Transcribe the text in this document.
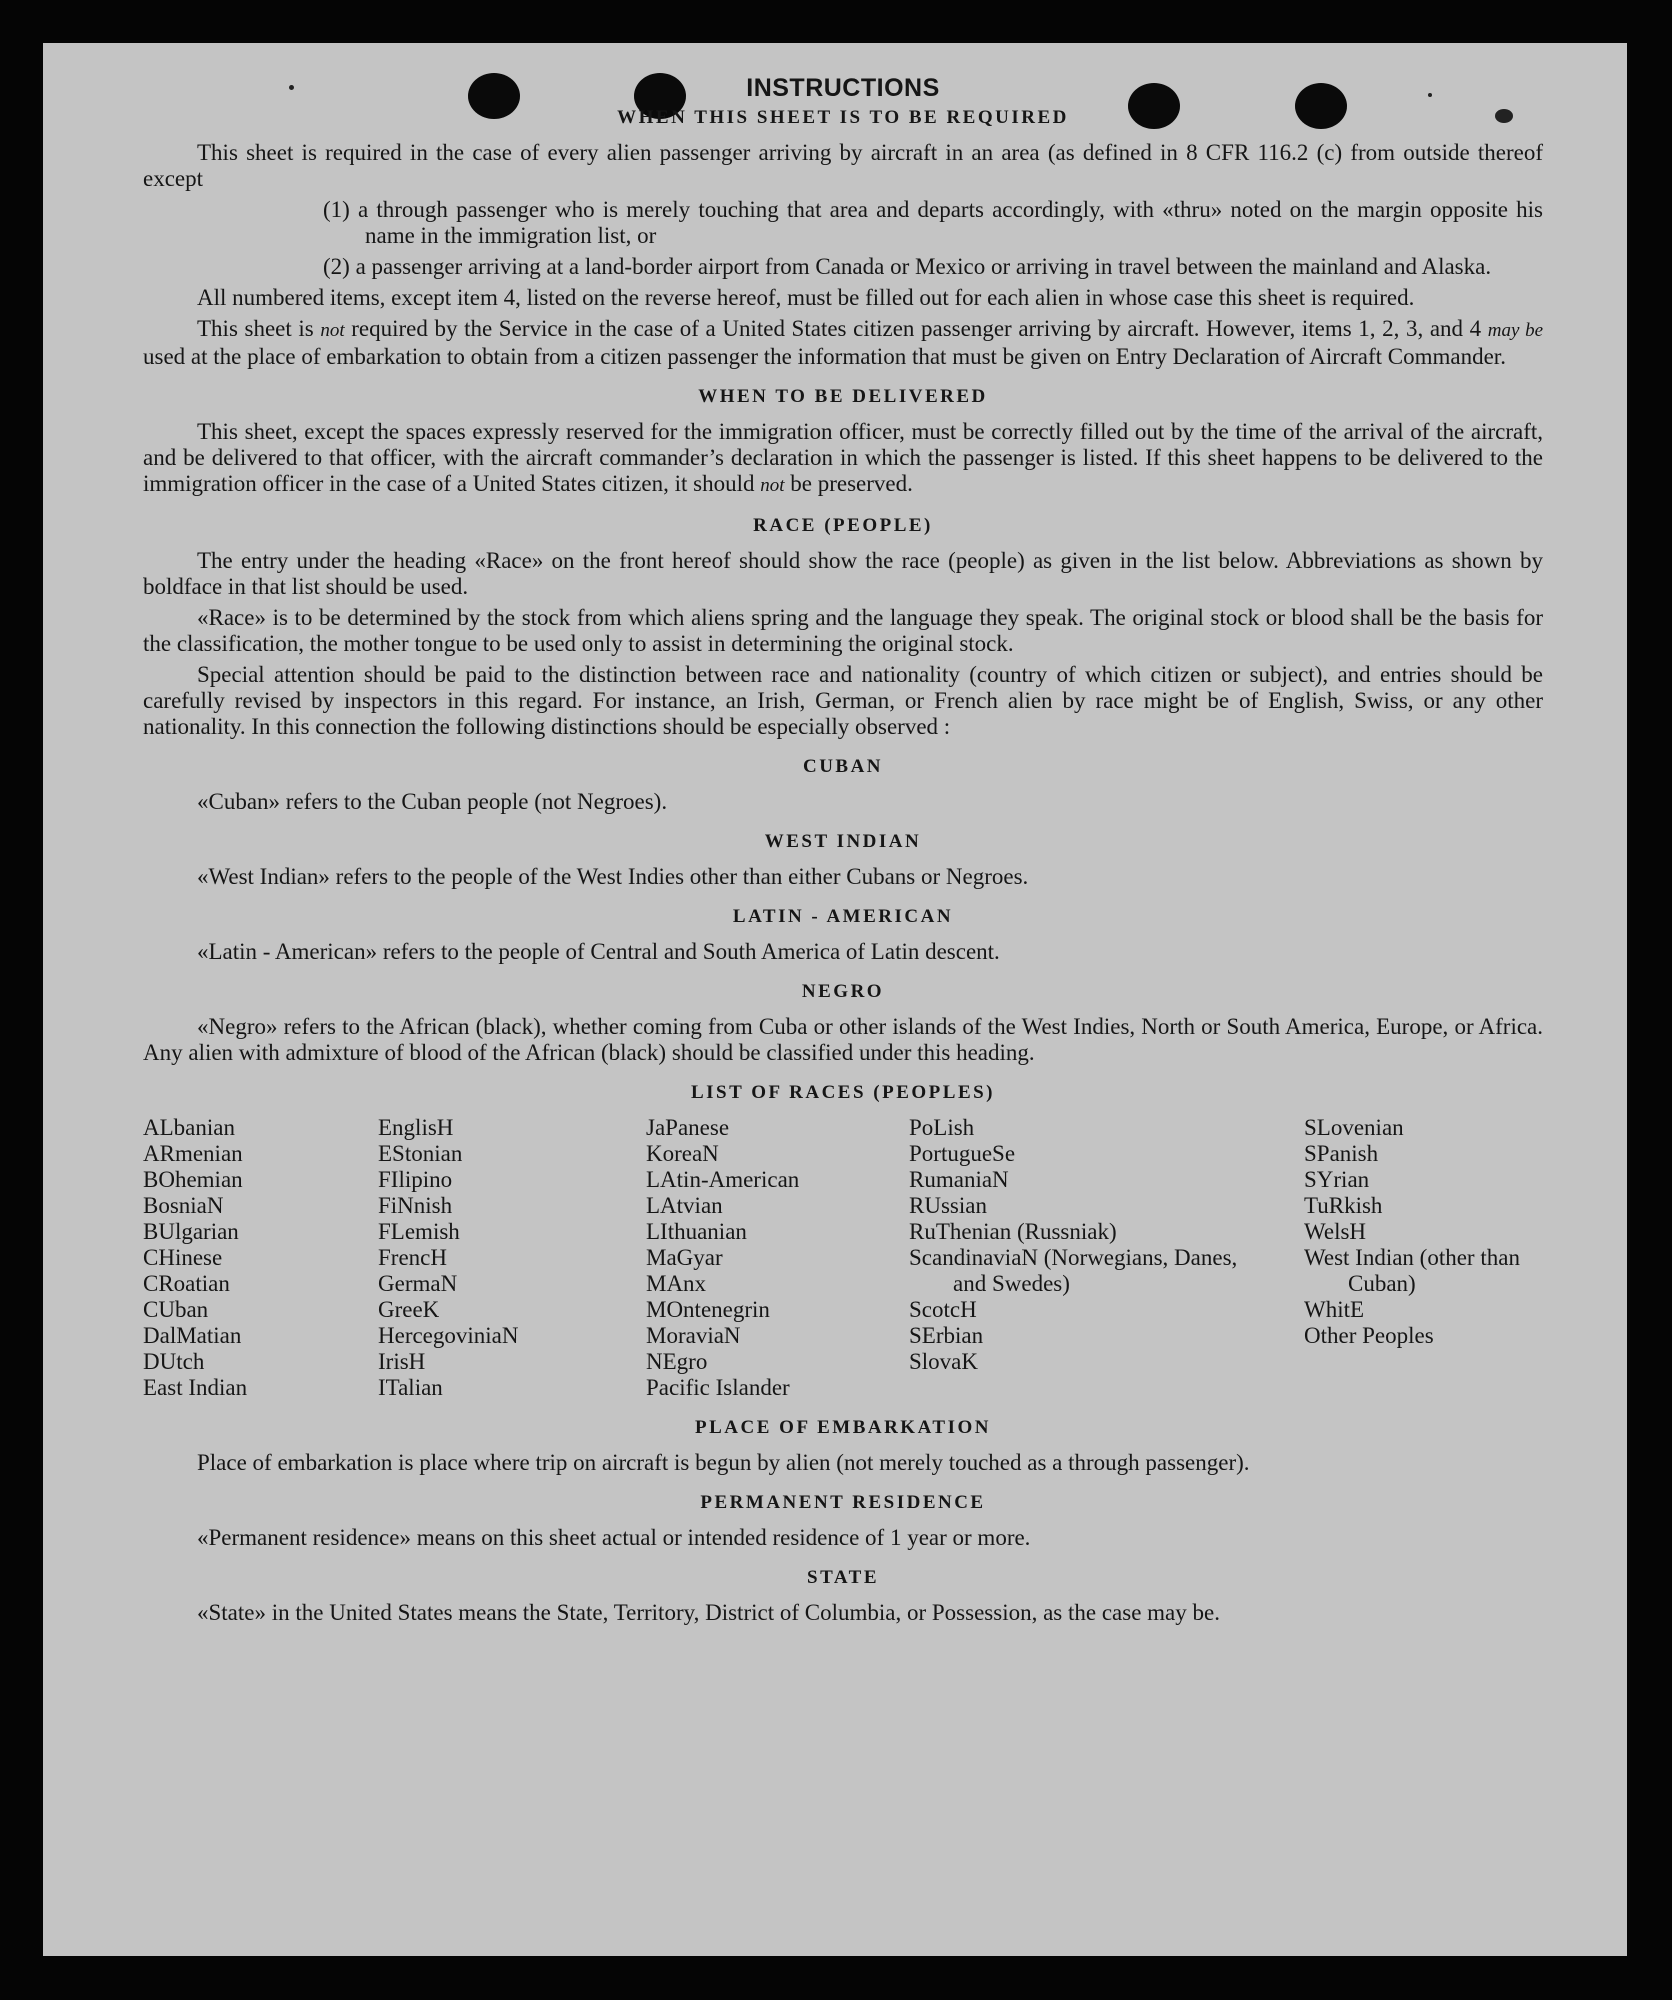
INSTRUCTIONS
WHEN THIS SHEET IS TO BE REQUIRED

This sheet is required in the case of every alien passenger arriving by aircraft in an area (as defined in 8 CFR 116.2 (c) from outside thereof except

(1) a through passenger who is merely touching that area and departs accordingly, with «thru» noted on the margin opposite his name in the immigration list, or

(2) a passenger arriving at a land-border airport from Canada or Mexico or arriving in travel between the mainland and Alaska.

All numbered items, except item 4, listed on the reverse hereof, must be filled out for each alien in whose case this sheet is required.

This sheet is not required by the Service in the case of a United States citizen passenger arriving by aircraft. However, items 1, 2, 3, and 4 may be used at the place of embarkation to obtain from a citizen passenger the information that must be given on Entry Declaration of Aircraft Commander.

WHEN TO BE DELIVERED

This sheet, except the spaces expressly reserved for the immigration officer, must be correctly filled out by the time of the arrival of the aircraft, and be delivered to that officer, with the aircraft commander’s declaration in which the passenger is listed. If this sheet happens to be delivered to the immigration officer in the case of a United States citizen, it should not be preserved.

RACE (PEOPLE)

The entry under the heading «Race» on the front hereof should show the race (people) as given in the list below. Abbreviations as shown by boldface in that list should be used.

«Race» is to be determined by the stock from which aliens spring and the language they speak. The original stock or blood shall be the basis for the classification, the mother tongue to be used only to assist in determining the original stock.

Special attention should be paid to the distinction between race and nationality (country of which citizen or subject), and entries should be carefully revised by inspectors in this regard. For instance, an Irish, German, or French alien by race might be of English, Swiss, or any other nationality. In this connection the following distinctions should be especially observed :

CUBAN

«Cuban» refers to the Cuban people (not Negroes).

WEST INDIAN

«West Indian» refers to the people of the West Indies other than either Cubans or Negroes.

LATIN - AMERICAN

«Latin - American» refers to the people of Central and South America of Latin descent.

NEGRO

«Negro» refers to the African (black), whether coming from Cuba or other islands of the West Indies, North or South America, Europe, or Africa. Any alien with admixture of blood of the African (black) should be classified under this heading.

LIST OF RACES (PEOPLES)
ALbanian
ARmenian
BOhemian
BosniaN
BUlgarian
CHinese
CRoatian
CUban
DalMatian
DUtch
East Indian
EnglisH
EStonian
FIlipino
FiNnish
FLemish
FrencH
GermaN
GreeK
HercegoviniaN
IrisH
ITalian
JaPanese
KoreaN
LAtin-American
LAtvian
LIthuanian
MaGyar
MAnx
MOntenegrin
MoraviaN
NEgro
Pacific Islander
PoLish
PortugueSe
RumaniaN
RUssian
RuThenian (Russniak)
ScandinaviaN (Norwegians, Danes, and Swedes)
ScotcH
SErbian
SlovaK
SLovenian
SPanish
SYrian
TuRkish
WelsH
West Indian (other than Cuban)
WhitE
Other Peoples
PLACE OF EMBARKATION

Place of embarkation is place where trip on aircraft is begun by alien (not merely touched as a through passenger).

PERMANENT RESIDENCE

«Permanent residence» means on this sheet actual or intended residence of 1 year or more.

STATE

«State» in the United States means the State, Territory, District of Columbia, or Possession, as the case may be.
